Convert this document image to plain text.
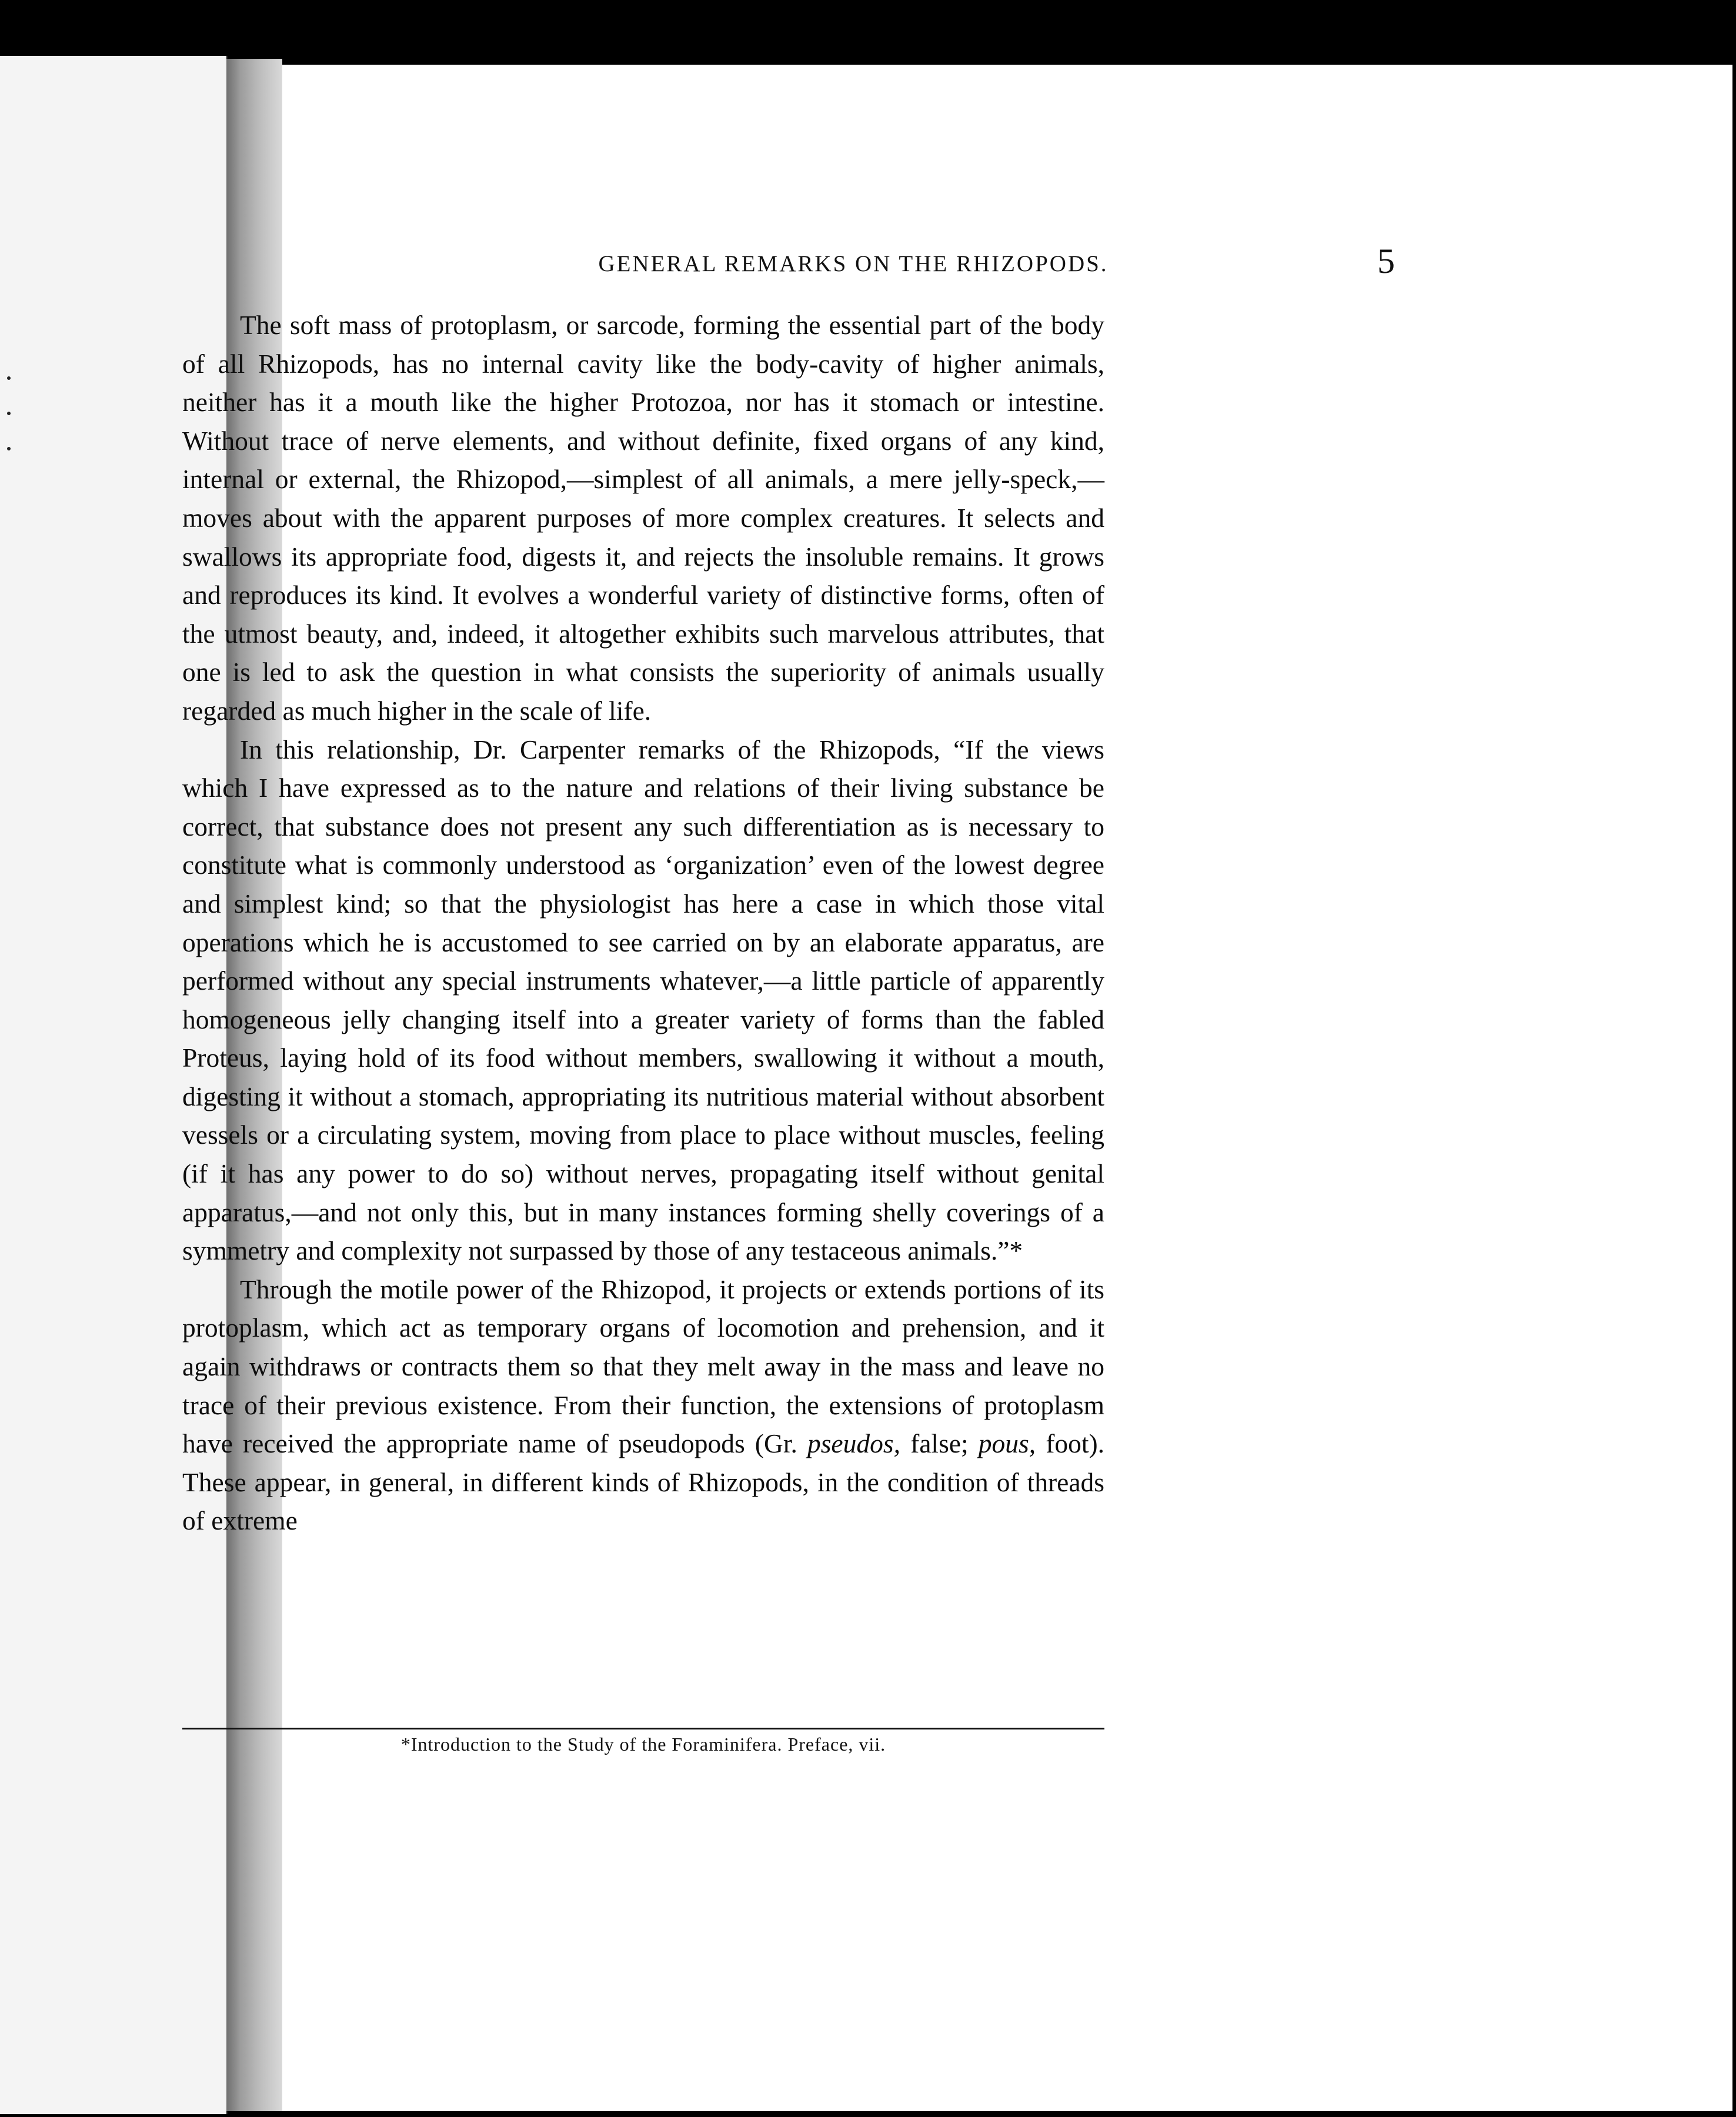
GENERAL REMARKS ON THE RHIZOPODS.	5

The soft mass of protoplasm, or sarcode, forming the essential part of the body of all Rhizopods, has no internal cavity like the body-cavity of higher animals, neither has it a mouth like the higher Protozoa, nor has it stomach or intestine. Without trace of nerve elements, and without definite, fixed organs of any kind, internal or external, the Rhizopod,—simplest of all animals, a mere jelly-speck,—moves about with the apparent purposes of more complex creatures. It selects and swallows its appropriate food, digests it, and rejects the insoluble remains. It grows and reproduces its kind. It evolves a wonderful variety of distinctive forms, often of the utmost beauty, and, indeed, it altogether exhibits such marvelous attributes, that one is led to ask the question in what consists the superiority of animals usually regarded as much higher in the scale of life.

In this relationship, Dr. Carpenter remarks of the Rhizopods, “If the views which I have expressed as to the nature and relations of their living substance be correct, that substance does not present any such differentiation as is necessary to constitute what is commonly understood as ‘organization’ even of the lowest degree and simplest kind; so that the physiologist has here a case in which those vital operations which he is accustomed to see carried on by an elaborate apparatus, are performed without any special instruments whatever,—a little particle of apparently homogeneous jelly changing itself into a greater variety of forms than the fabled Proteus, laying hold of its food without members, swallowing it without a mouth, digesting it without a stomach, appropriating its nutritious material without absorbent vessels or a circulating system, moving from place to place without muscles, feeling (if it has any power to do so) without nerves, propagating itself without genital apparatus,—and not only this, but in many instances forming shelly coverings of a symmetry and complexity not surpassed by those of any testaceous animals.”*

Through the motile power of the Rhizopod, it projects or extends portions of its protoplasm, which act as temporary organs of locomotion and prehension, and it again withdraws or contracts them so that they melt away in the mass and leave no trace of their previous existence. From their function, the extensions of protoplasm have received the appropriate name of pseudopods (Gr. pseudos, false; pous, foot). These appear, in general, in different kinds of Rhizopods, in the condition of threads of extreme

*Introduction to the Study of the Foraminifera. Preface, vii.
